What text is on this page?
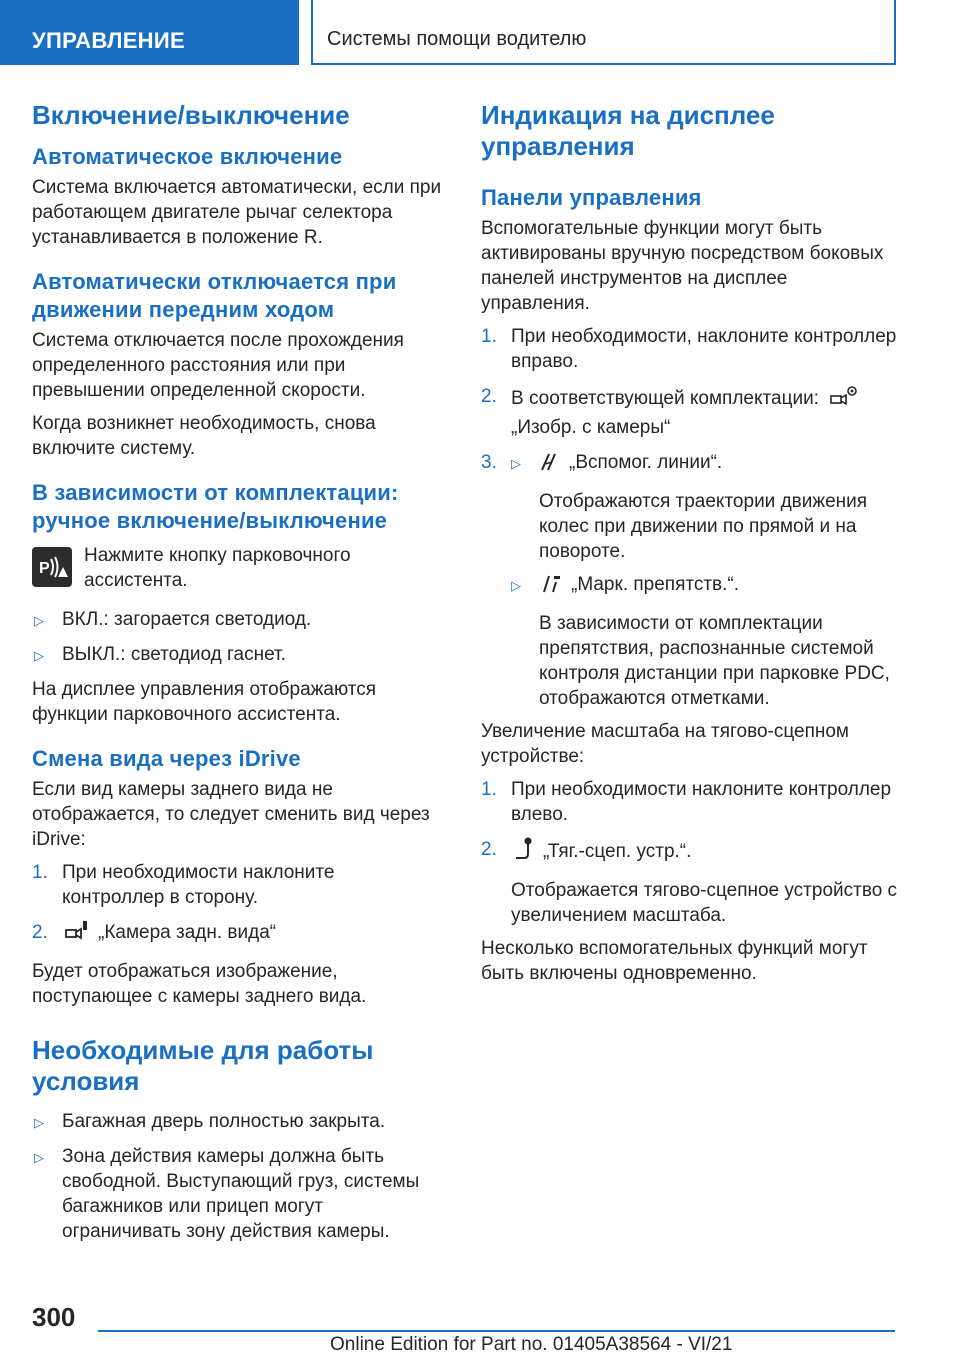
УПРАВЛЕНИЕ	Системы помощи водителю
Включение/выключение
Автоматическое включение

Система включается автоматически, если при работающем двигателе рычаг селектора устанавливается в положение R.

Автоматически отключается при движении передним ходом

Система отключается после прохождения определенного расстояния или при превышении определенной скорости.

Когда возникнет необходимость, снова включите систему.

В зависимости от комплектации: ручное включение/выключение
P

Нажмите кнопку парковочного ассистента.

▷ ВКЛ.: загорается светодиод.
▷ ВЫКЛ.: светодиод гаснет.

На дисплее управления отображаются функции парковочного ассистента.

Смена вида через iDrive

Если вид камеры заднего вида не отображается, то следует сменить вид через iDrive:

1. При необходимости наклоните контроллер в сторону.
2.	„Камера задн. вида“

Будет отображаться изображение, поступающее с камеры заднего вида.

Необходимые для работы условия
▷ Багажная дверь полностью закрыта.
▷ Зона действия камеры должна быть свободной. Выступающий груз, системы багажников или прицеп могут ограничивать зону действия камеры.
Индикация на дисплее управления
Панели управления

Вспомогательные функции могут быть активированы вручную посредством боковых панелей инструментов на дисплее управления.

1. При необходимости, наклоните контроллер вправо.
2. В соответствующей комплектации:
„Изобр. с камеры“
3. ▷	„Вспомог. линии“.

Отображаются траектории движения колес при движении по прямой и на повороте.

▷	„Марк. препятств.“.

В зависимости от комплектации препятствия, распознанные системой контроля дистанции при парковке PDC, отображаются отметками.

Увеличение масштаба на тягово-сцепном устройстве:

1. При необходимости наклоните контроллер влево.
2. „Тяг.-сцеп. устр.“.

Отображается тягово-сцепное устройство с увеличением масштаба.

Несколько вспомогательных функций могут быть включены одновременно.

300
Online Edition for Part no. 01405A38564 - VI/21
